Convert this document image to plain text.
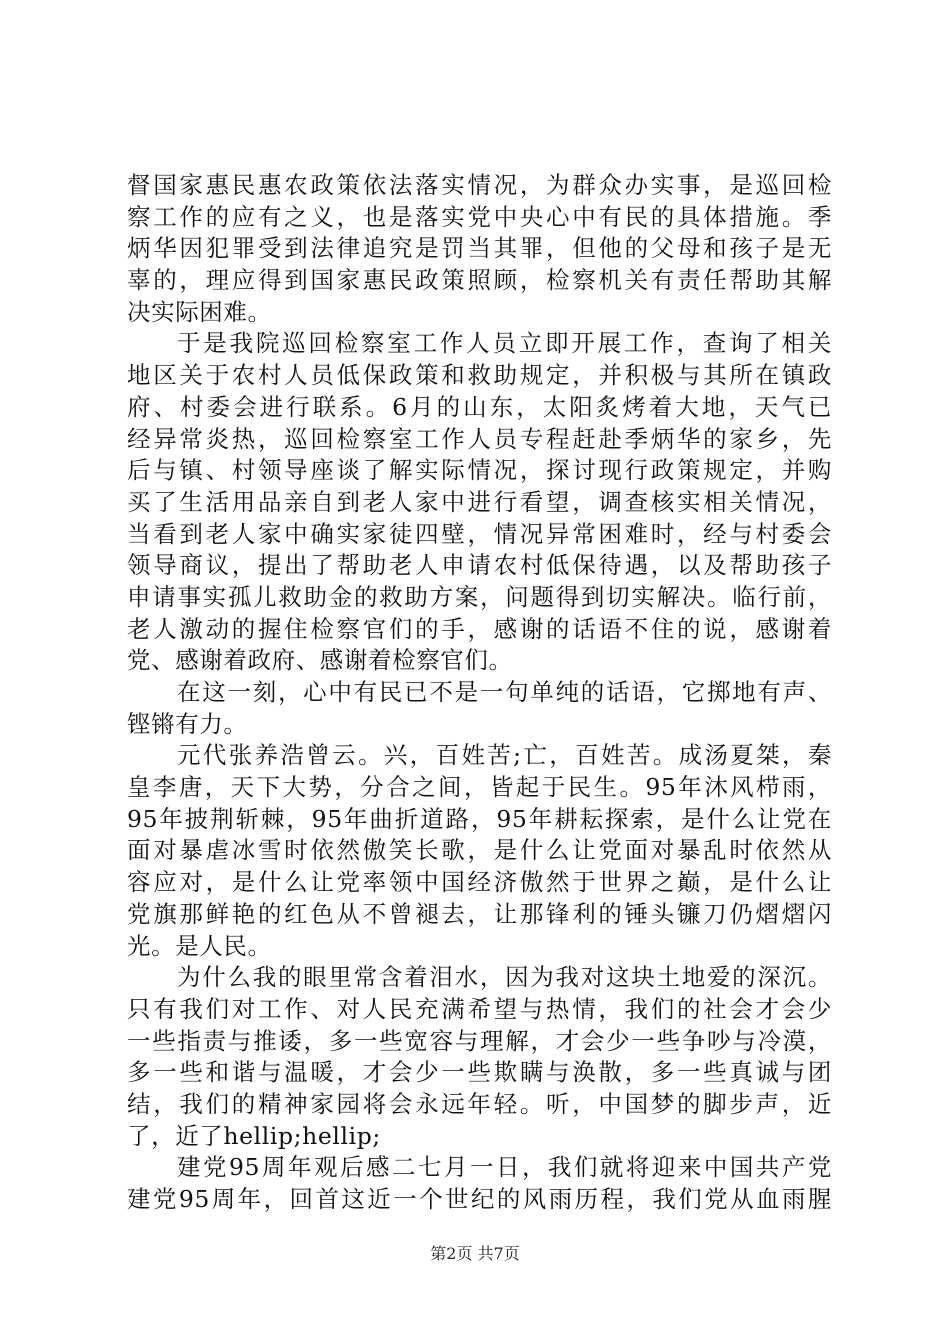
督国家惠民惠农政策依法落实情况，为群众办实事，是巡回检
察工作的应有之义，也是落实党中央心中有民的具体措施。季
炳华因犯罪受到法律追究是罚当其罪，但他的父母和孩子是无
辜的，理应得到国家惠民政策照顾，检察机关有责任帮助其解
决实际困难。
于是我院巡回检察室工作人员立即开展工作，查询了相关
地区关于农村人员低保政策和救助规定，并积极与其所在镇政
府、村委会进行联系。6月的山东，太阳炙烤着大地，天气已
经异常炎热，巡回检察室工作人员专程赶赴季炳华的家乡，先
后与镇、村领导座谈了解实际情况，探讨现行政策规定，并购
买了生活用品亲自到老人家中进行看望，调查核实相关情况，
当看到老人家中确实家徒四壁，情况异常困难时，经与村委会
领导商议，提出了帮助老人申请农村低保待遇，以及帮助孩子
申请事实孤儿救助金的救助方案，问题得到切实解决。临行前，
老人激动的握住检察官们的手，感谢的话语不住的说，感谢着
党、感谢着政府、感谢着检察官们。
在这一刻，心中有民已不是一句单纯的话语，它掷地有声、
铿锵有力。
元代张养浩曾云。兴，百姓苦;亡，百姓苦。成汤夏桀，秦
皇李唐，天下大势，分合之间，皆起于民生。95年沐风栉雨，
95年披荆斩棘，95年曲折道路，95年耕耘探索，是什么让党在
面对暴虐冰雪时依然傲笑长歌，是什么让党面对暴乱时依然从
容应对，是什么让党率领中国经济傲然于世界之巅，是什么让
党旗那鲜艳的红色从不曾褪去，让那锋利的锤头镰刀仍熠熠闪
光。是人民。
为什么我的眼里常含着泪水，因为我对这块土地爱的深沉。
只有我们对工作、对人民充满希望与热情，我们的社会才会少
一些指责与推诿，多一些宽容与理解，才会少一些争吵与冷漠，
多一些和谐与温暖，才会少一些欺瞒与涣散，多一些真诚与团
结，我们的精神家园将会永远年轻。听，中国梦的脚步声，近
了，近了hellip;hellip;
建党95周年观后感二七月一日，我们就将迎来中国共产党
建党95周年，回首这近一个世纪的风雨历程，我们党从血雨腥
第2页 共7页
